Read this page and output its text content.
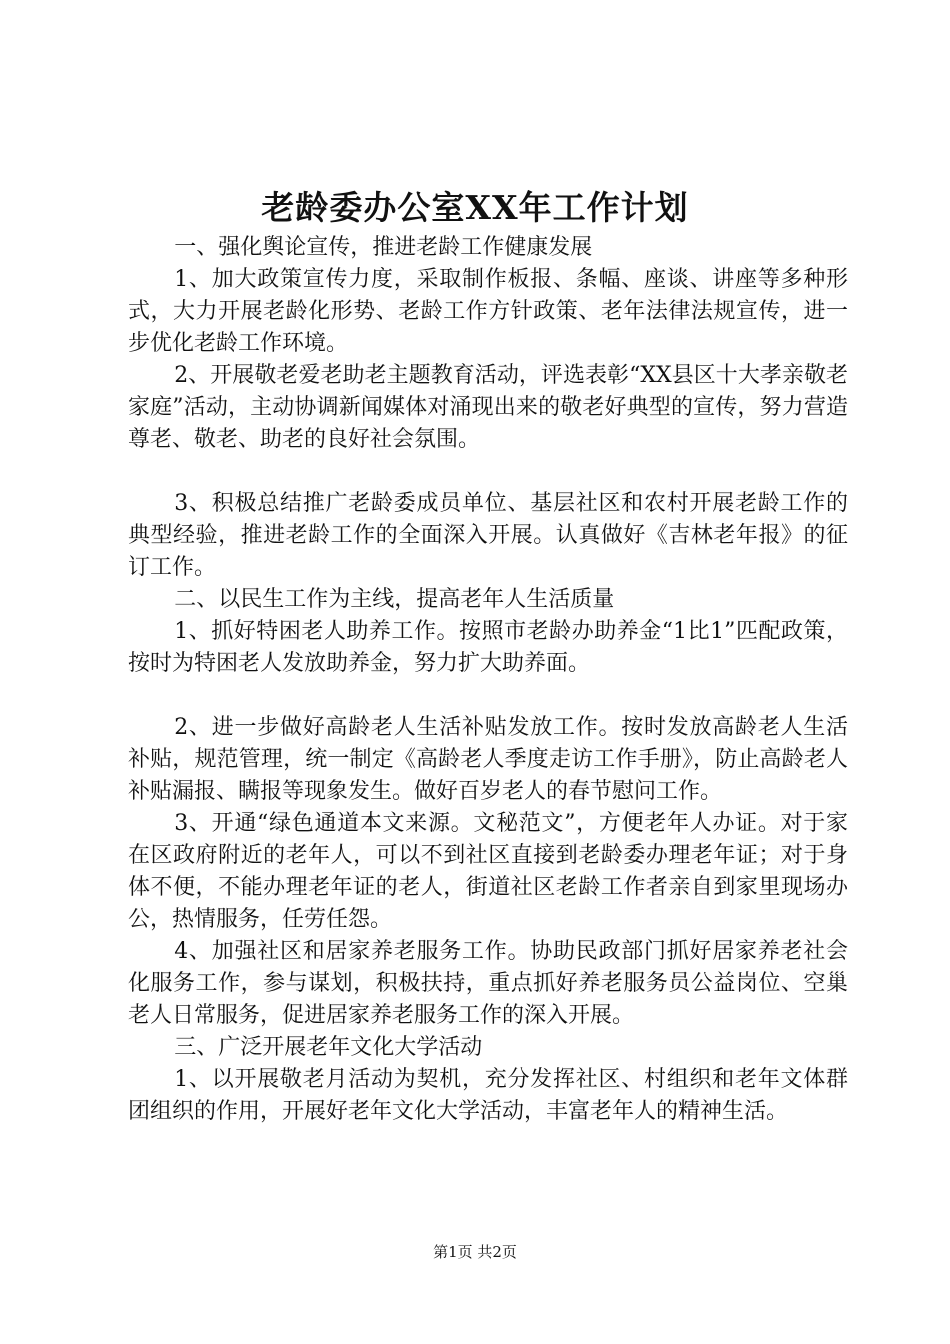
老龄委办公室XX年工作计划

一、强化舆论宣传，推进老龄工作健康发展

1、加大政策宣传力度，采取制作板报、条幅、座谈、讲座等多种形式，大力开展老龄化形势、老龄工作方针政策、老年法律法规宣传，进一步优化老龄工作环境。

2、开展敬老爱老助老主题教育活动，评选表彰“XX县区十大孝亲敬老家庭”活动，主动协调新闻媒体对涌现出来的敬老好典型的宣传，努力营造尊老、敬老、助老的良好社会氛围。

3、积极总结推广老龄委成员单位、基层社区和农村开展老龄工作的典型经验，推进老龄工作的全面深入开展。认真做好《吉林老年报》的征订工作。

二、以民生工作为主线，提高老年人生活质量

1、抓好特困老人助养工作。按照市老龄办助养金“1比1”匹配政策，按时为特困老人发放助养金，努力扩大助养面。

2、进一步做好高龄老人生活补贴发放工作。按时发放高龄老人生活补贴，规范管理，统一制定《高龄老人季度走访工作手册》，防止高龄老人补贴漏报、瞒报等现象发生。做好百岁老人的春节慰问工作。

3、开通“绿色通道本文来源。文秘范文”，方便老年人办证。对于家在区政府附近的老年人，可以不到社区直接到老龄委办理老年证；对于身体不便，不能办理老年证的老人，街道社区老龄工作者亲自到家里现场办公，热情服务，任劳任怨。

4、加强社区和居家养老服务工作。协助民政部门抓好居家养老社会化服务工作，参与谋划，积极扶持，重点抓好养老服务员公益岗位、空巢老人日常服务，促进居家养老服务工作的深入开展。

三、广泛开展老年文化大学活动

1、以开展敬老月活动为契机，充分发挥社区、村组织和老年文体群团组织的作用，开展好老年文化大学活动，丰富老年人的精神生活。

第1页 共2页
